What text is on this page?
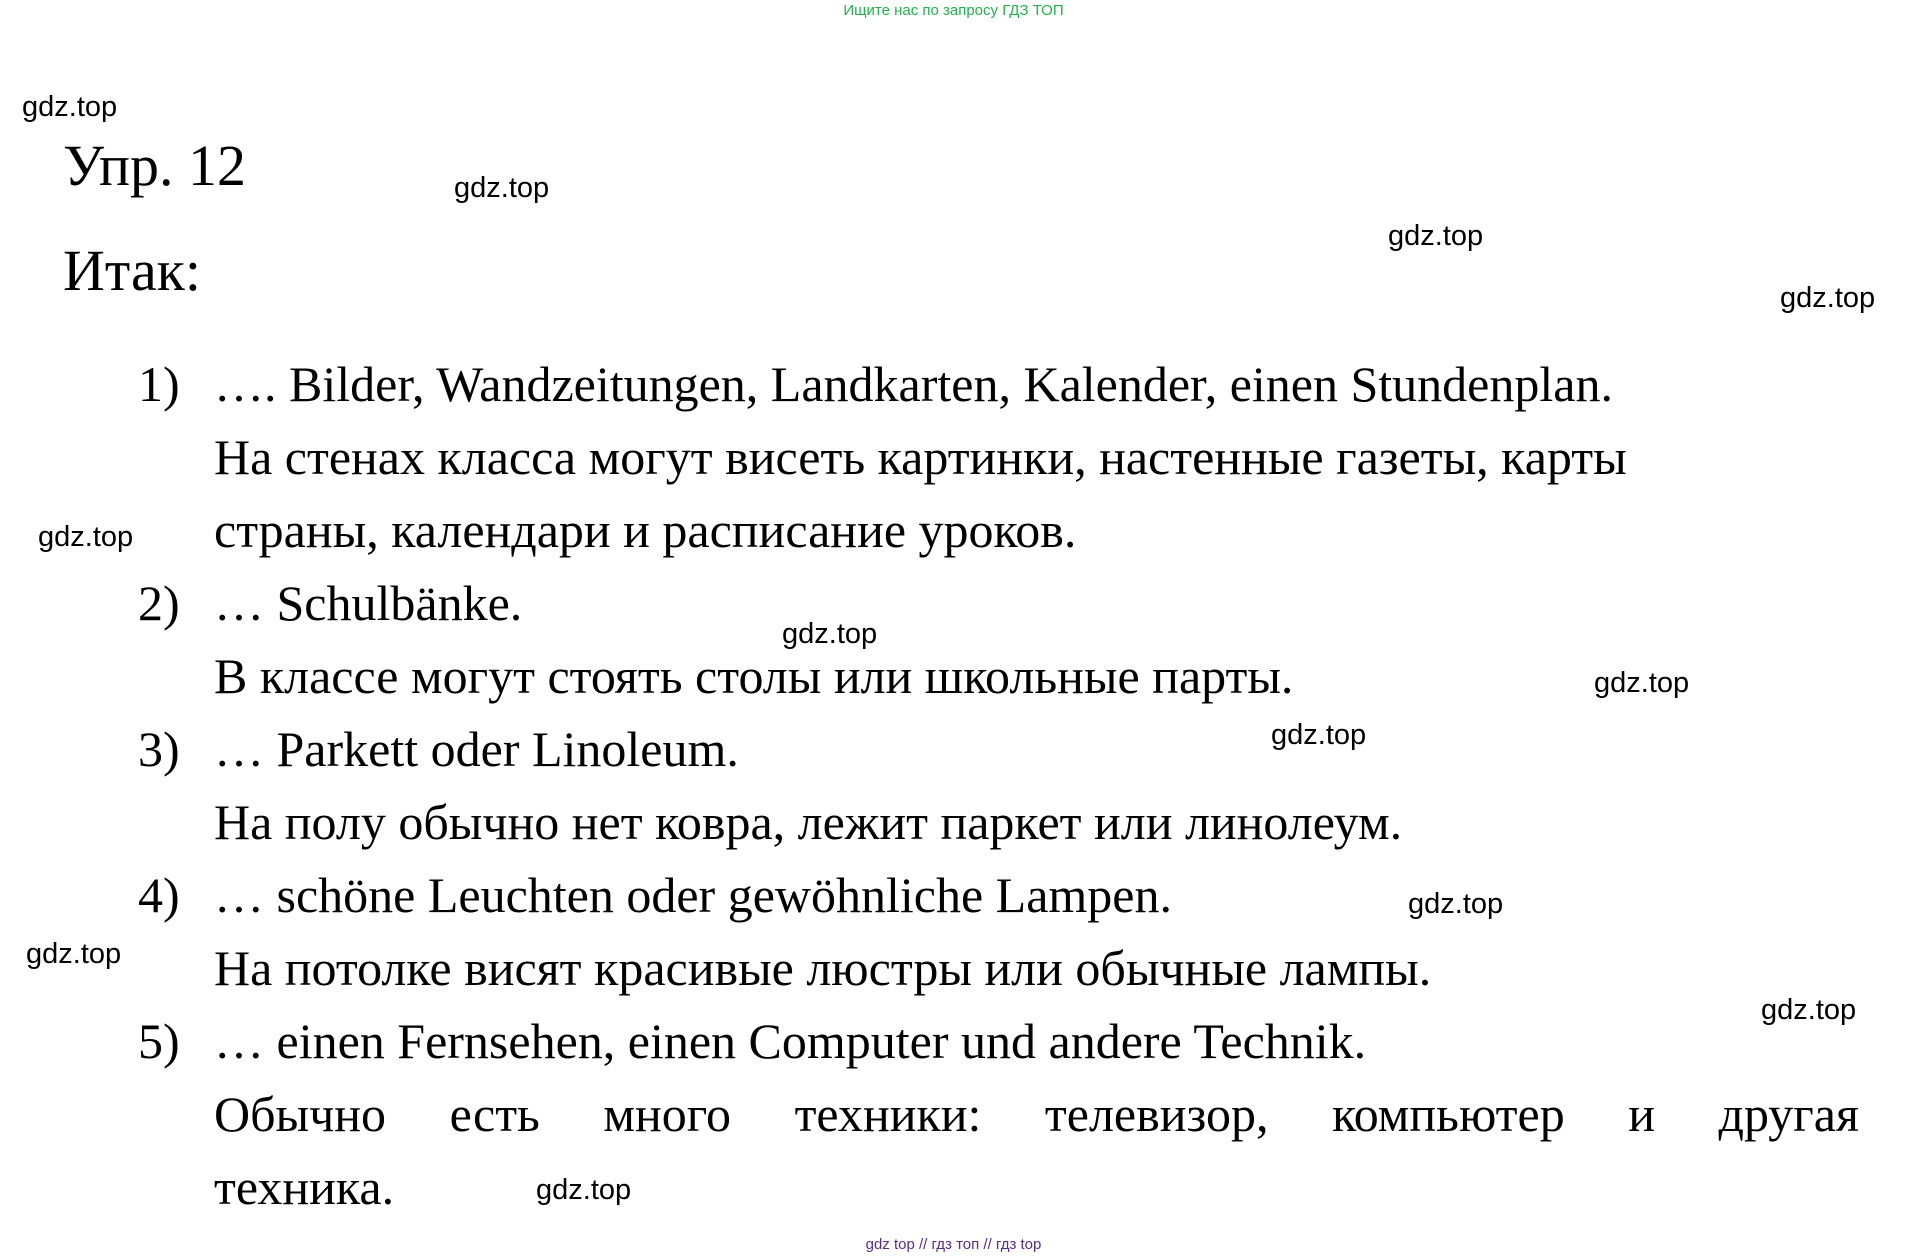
Ищите нас по запросу ГДЗ ТОП
Упр. 12
Итак:
1) …. Bilder, Wandzeitungen, Landkarten, Kalender, einen Stundenplan.
На стенах класса могут висеть картинки, настенные газеты, карты
страны, календари и расписание уроков.
2) … Schulbänke.
В классе могут стоять столы или школьные парты.
3) … Parkett oder Linoleum.
На полу обычно нет ковра, лежит паркет или линолеум.
4) … schöne Leuchten oder gewöhnliche Lampen.
На потолке висят красивые люстры или обычные лампы.
5) … einen Fernsehen, einen Computer und andere Technik.
Обычно есть много техники: телевизор, компьютер и другая
техника.
gdz.top
gdz.top
gdz.top
gdz.top
gdz.top
gdz.top
gdz.top
gdz.top
gdz.top
gdz.top
gdz.top
gdz.top
gdz top // гдз топ // гдз top
